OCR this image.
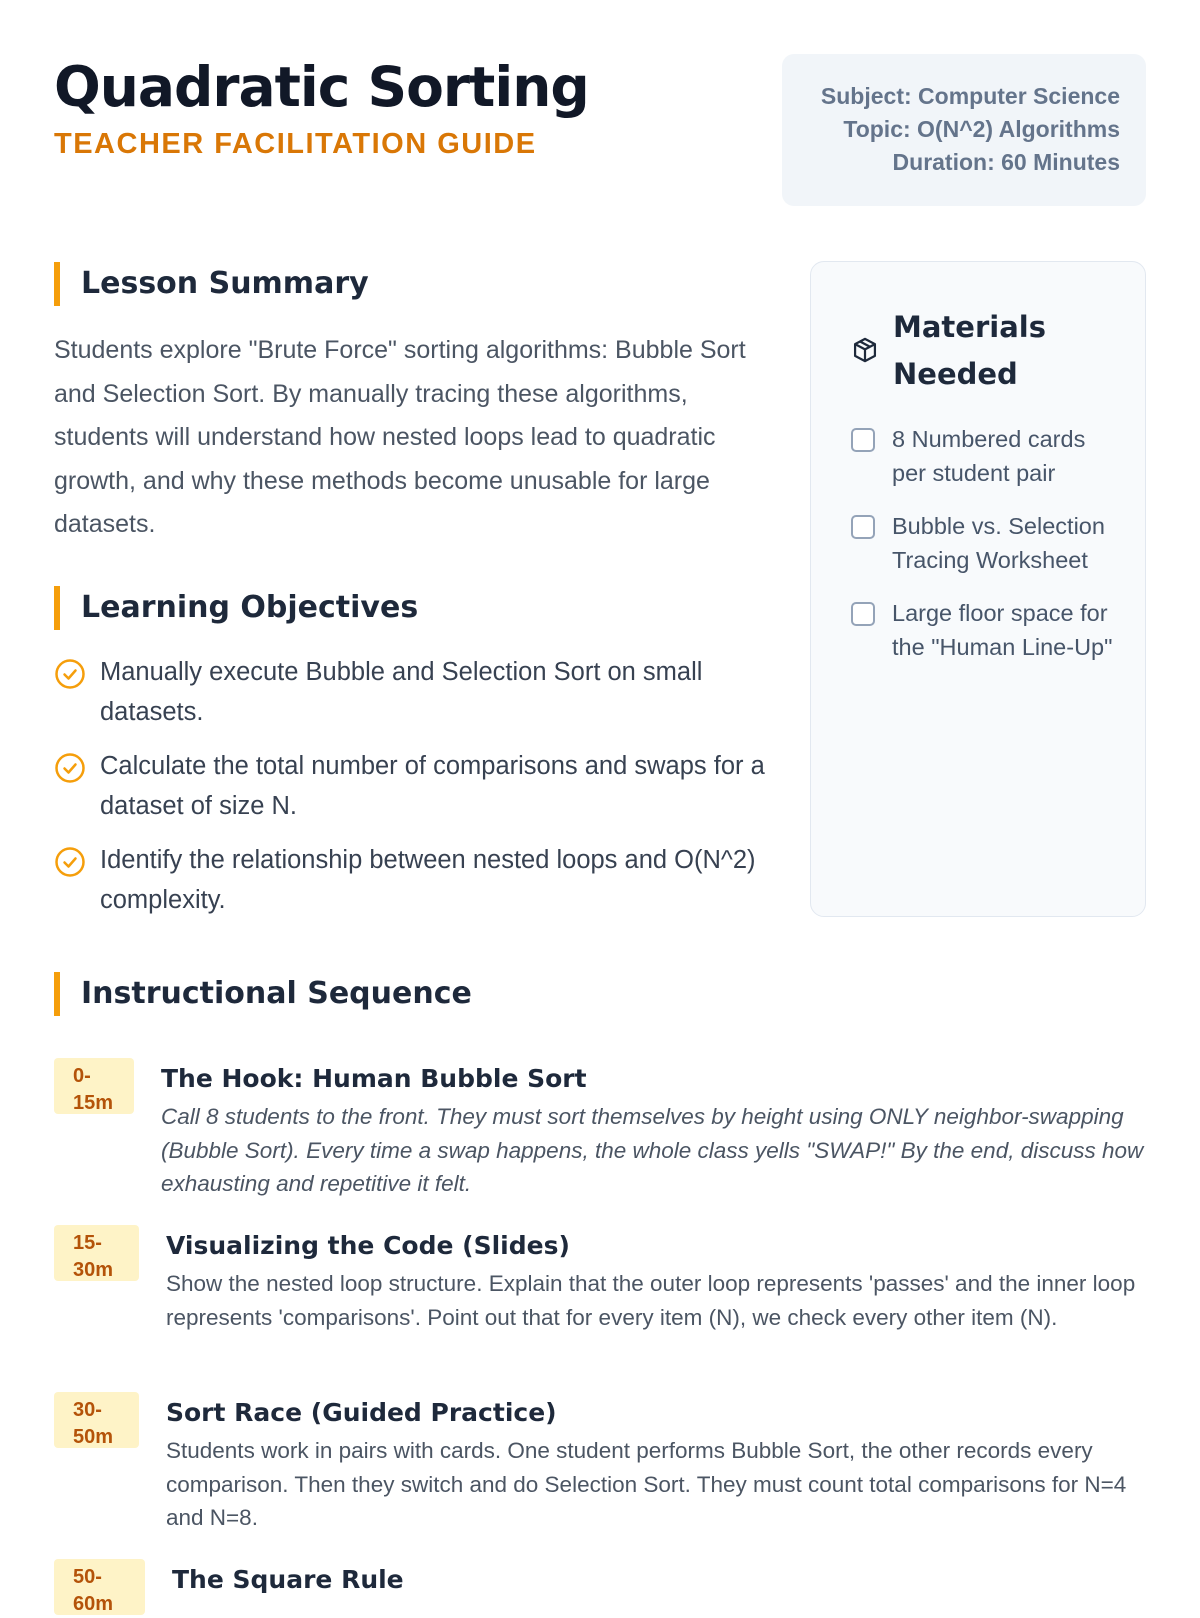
Quadratic Sorting
TEACHER FACILITATION GUIDE
Subject: Computer Science
Topic: O(N^2) Algorithms
Duration: 60 Minutes
Lesson Summary
Students explore "Brute Force" sorting algorithms: Bubble Sort and Selection Sort. By manually tracing these algorithms, students will understand how nested loops lead to quadratic growth, and why these methods become unusable for large datasets.
Learning Objectives
Manually execute Bubble and Selection Sort on small datasets.
Calculate the total number of comparisons and swaps for a dataset of size N.
Identify the relationship between nested loops and O(N^2) complexity.
Materials Needed
8 Numbered cards per student pair
Bubble vs. Selection Tracing Worksheet
Large floor space for the "Human Line-Up"
Instructional Sequence
0-
15m
The Hook: Human Bubble Sort
Call 8 students to the front. They must sort themselves by height using ONLY neighbor-swapping (Bubble Sort). Every time a swap happens, the whole class yells "SWAP!" By the end, discuss how exhausting and repetitive it felt.
15-
30m
Visualizing the Code (Slides)
Show the nested loop structure. Explain that the outer loop represents 'passes' and the inner loop represents 'comparisons'. Point out that for every item (N), we check every other item (N).
30-
50m
Sort Race (Guided Practice)
Students work in pairs with cards. One student performs Bubble Sort, the other records every comparison. Then they switch and do Selection Sort. They must count total comparisons for N=4 and N=8.
50-
60m
The Square Rule
